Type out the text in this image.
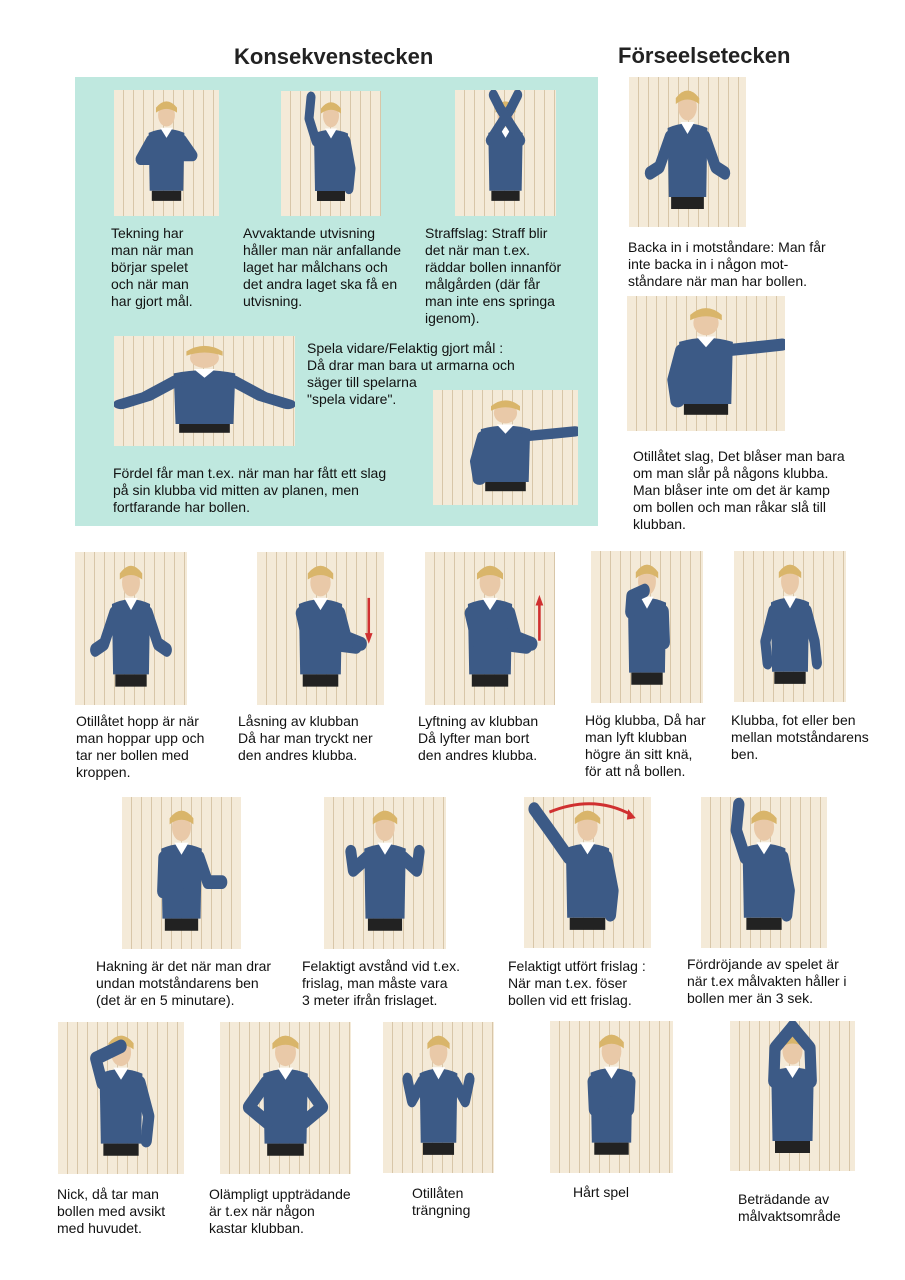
Konsekvenstecken	Förseelsetecken
Tekning har
man när man
börjar spelet
och när man
har gjort mål.
Avvaktande utvisning
håller man när anfallande
laget har målchans och
det andra laget ska få en
utvisning.
Straffslag: Straff blir
det när man t.ex.
räddar bollen innanför
målgården (där får
man inte ens springa
igenom).
Spela vidare/Felaktig gjort mål :
Då drar man bara ut armarna och
säger till spelarna
"spela vidare".
Fördel får man t.ex. när man har fått ett slag
på sin klubba vid mitten av planen, men
fortfarande har bollen.
Backa in i motståndare: Man får
inte backa in i någon mot-
ståndare när man har bollen.
Otillåtet slag, Det blåser man bara
om man slår på någons klubba.
Man blåser inte om det är kamp
om bollen och man råkar slå till
klubban.
Otillåtet hopp är när
man hoppar upp och
tar ner bollen med
kroppen.
Låsning av klubban
Då har man tryckt ner
den andres klubba.
Lyftning av klubban
Då lyfter man bort
den andres klubba.
Hög klubba, Då har
man lyft klubban
högre än sitt knä,
för att nå bollen.
Klubba, fot eller ben
mellan motståndarens
ben.
Hakning är det när man drar
undan motståndarens ben
(det är en 5 minutare).
Felaktigt avstånd vid t.ex.
frislag, man måste vara
3 meter ifrån frislaget.
Felaktigt utfört frislag :
När man t.ex. föser
bollen vid ett frislag.
Fördröjande av spelet är
när t.ex målvakten håller i
bollen mer än 3 sek.
Nick, då tar man
bollen med avsikt
med huvudet.
Olämpligt uppträdande
är t.ex när någon
kastar klubban.
Otillåten
trängning
Hårt spel	Beträdande av
målvaktsområde
